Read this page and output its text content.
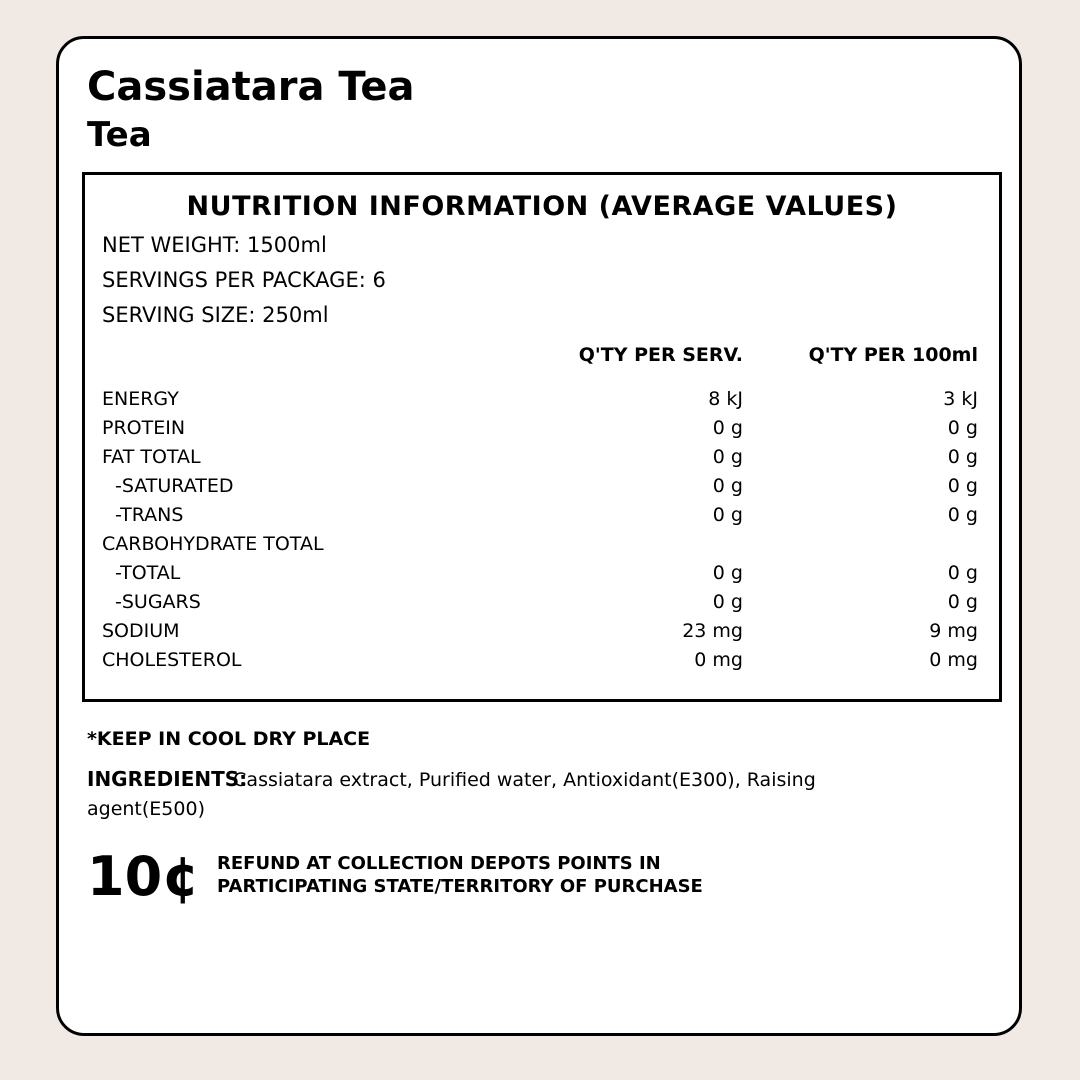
Cassiatara Tea
Tea
NUTRITION INFORMATION (AVERAGE VALUES)
NET WEIGHT: 1500ml
SERVINGS PER PACKAGE: 6
SERVING SIZE: 250ml
Q'TY PER SERV.	Q'TY PER 100ml
ENERGY	8 kJ	3 kJ
PROTEIN	0 g	0 g
FAT TOTAL	0 g	0 g
-SATURATED	0 g	0 g
-TRANS	0 g	0 g
CARBOHYDRATE TOTAL
-TOTAL	0 g	0 g
-SUGARS	0 g	0 g
SODIUM	23 mg	9 mg
CHOLESTEROL	0 mg	0 mg
*KEEP IN COOL DRY PLACE
INGREDIENTS:Cassiatara extract, Purified water, Antioxidant(E300), Raising agent(E500)
10¢ REFUND AT COLLECTION DEPOTS POINTS IN
PARTICIPATING STATE/TERRITORY OF PURCHASE
